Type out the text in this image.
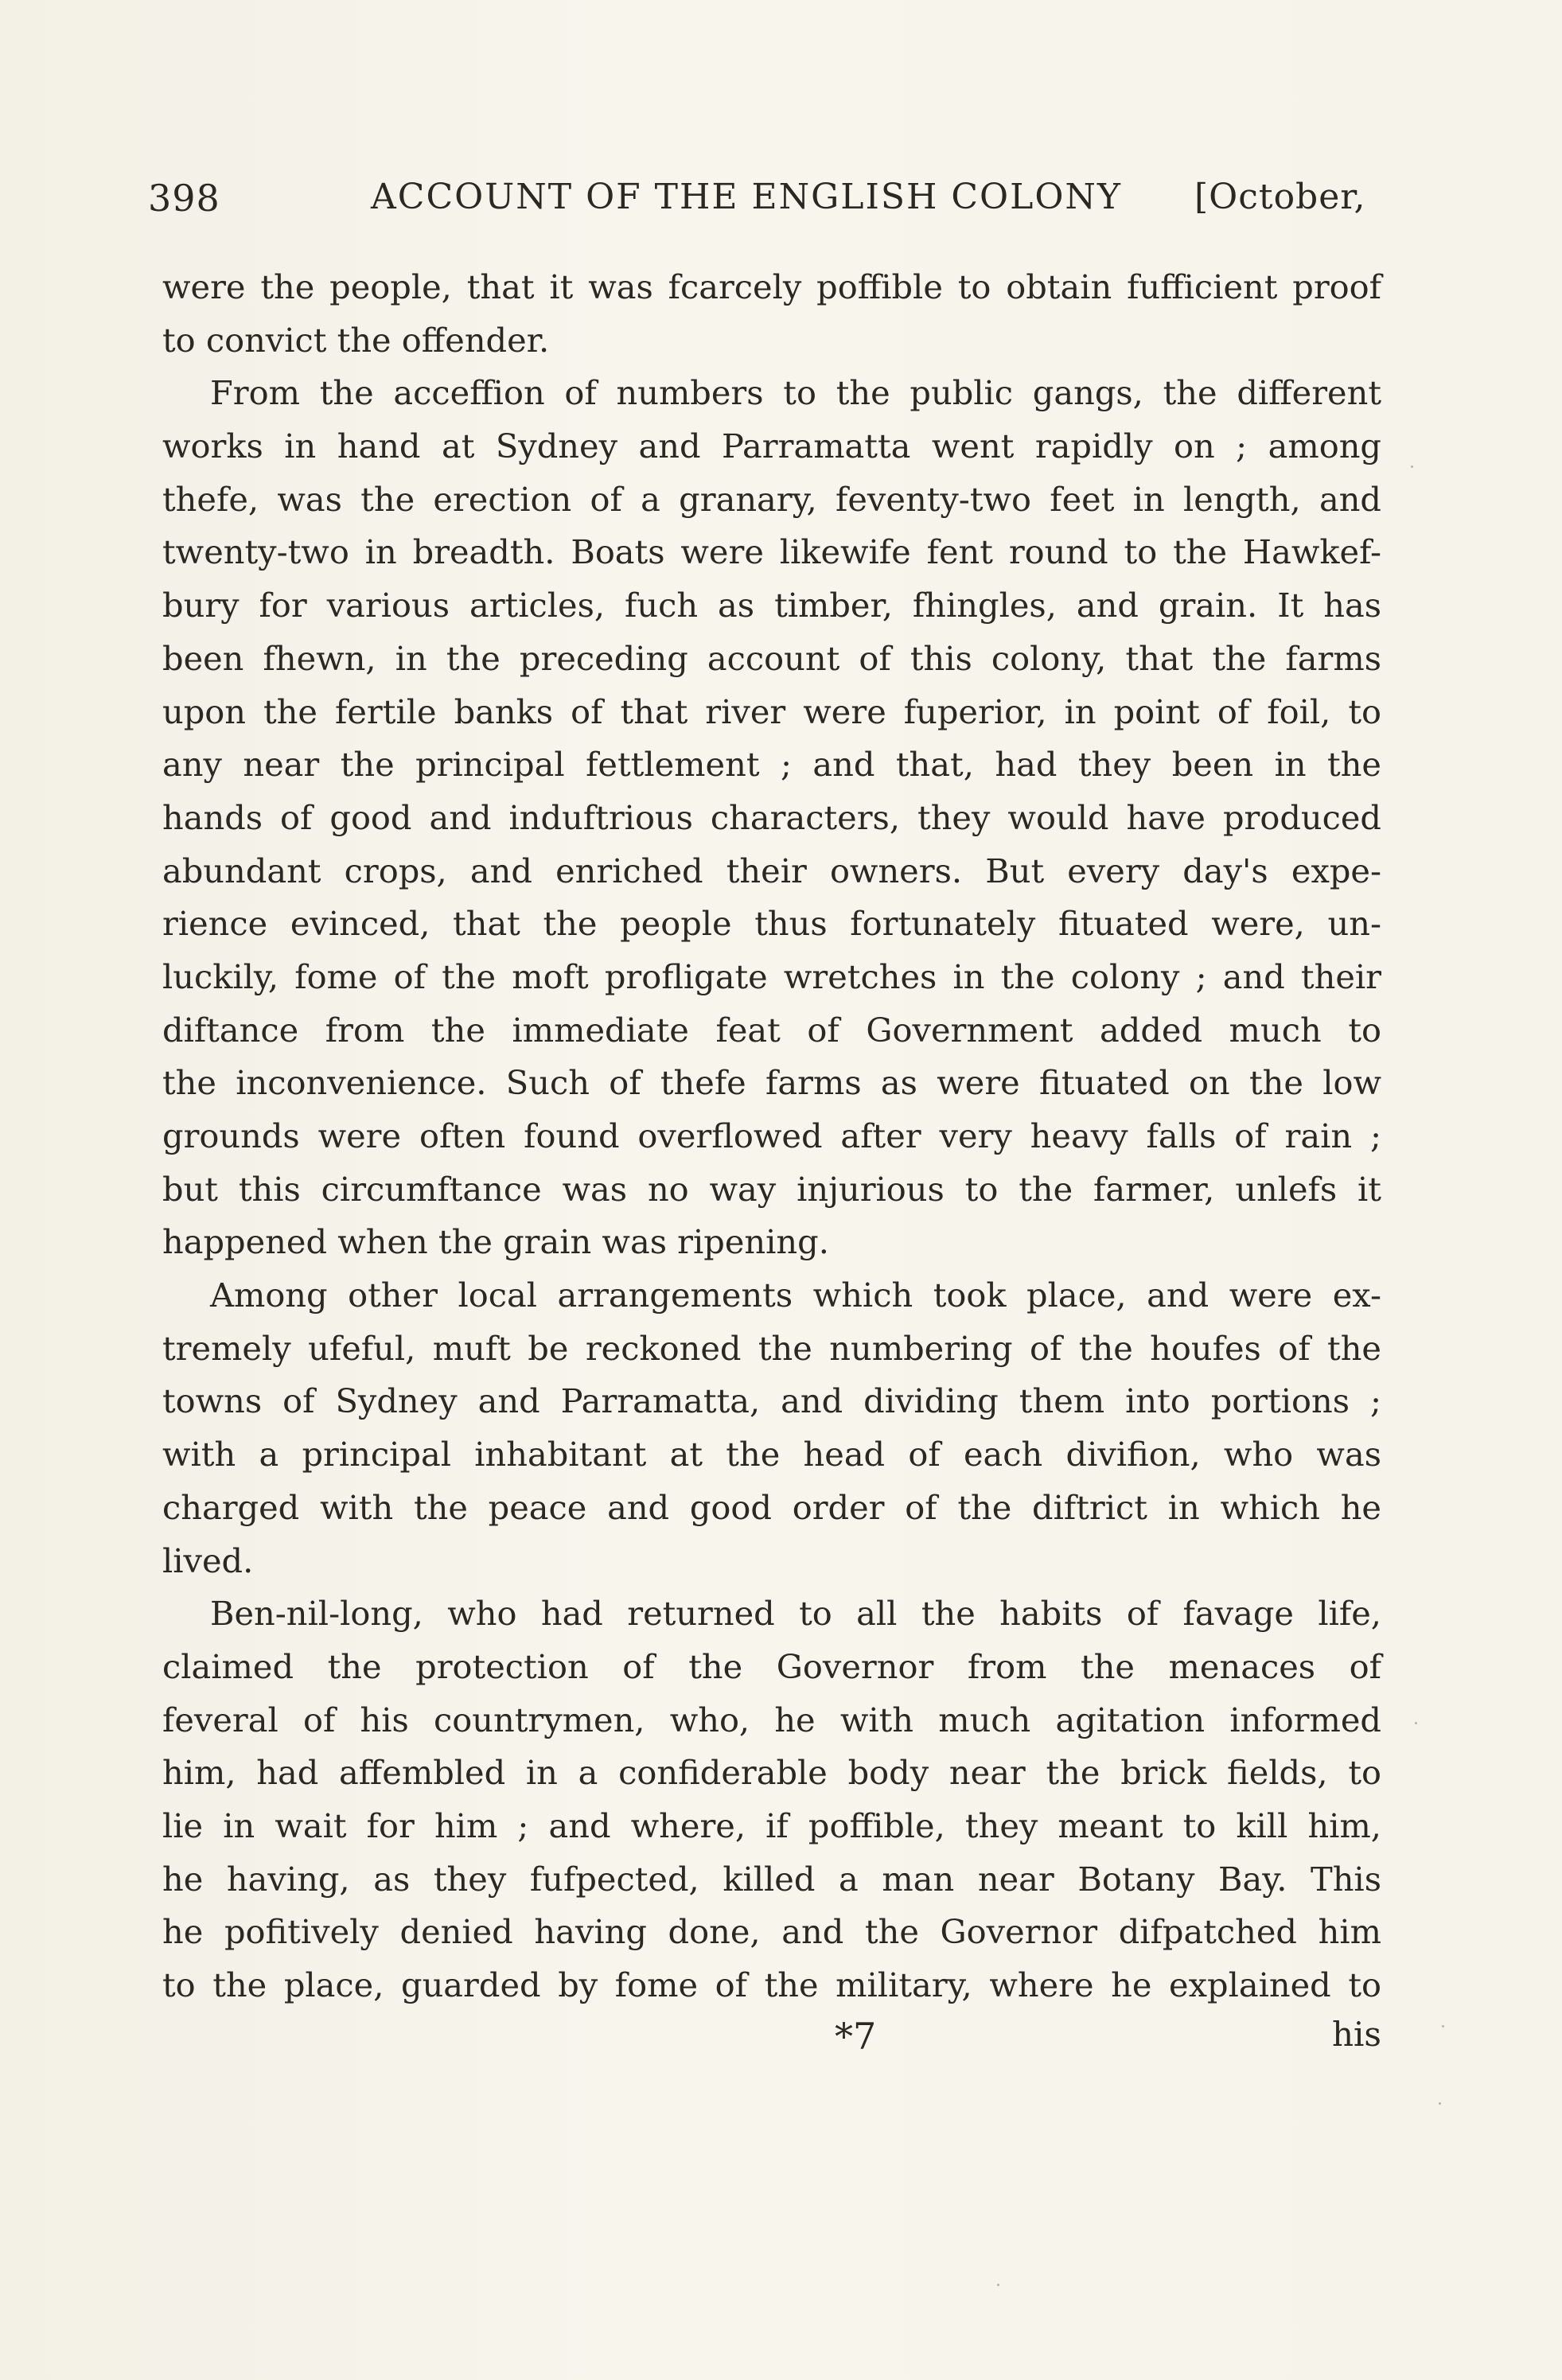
398	ACCOUNT OF THE ENGLISH COLONY [October,
were the people, that it was fcarcely poffible to obtain fufficient proof
to convict the offender.
From the acceffion of numbers to the public gangs, the different
works in hand at Sydney and Parramatta went rapidly on ; among
thefe, was the erection of a granary, feventy-two feet in length, and
twenty-two in breadth. Boats were likewife fent round to the Hawkef-
bury for various articles, fuch as timber, fhingles, and grain. It has
been fhewn, in the preceding account of this colony, that the farms
upon the fertile banks of that river were fuperior, in point of foil, to
any near the principal fettlement ; and that, had they been in the
hands of good and induftrious characters, they would have produced
abundant crops, and enriched their owners. But every day's expe-
rience evinced, that the people thus fortunately fituated were, un-
luckily, fome of the moft profligate wretches in the colony ; and their
diftance from the immediate feat of Government added much to
the inconvenience. Such of thefe farms as were fituated on the low
grounds were often found overflowed after very heavy falls of rain ;
but this circumftance was no way injurious to the farmer, unlefs it
happened when the grain was ripening.
Among other local arrangements which took place, and were ex-
tremely ufeful, muft be reckoned the numbering of the houfes of the
towns of Sydney and Parramatta, and dividing them into portions ;
with a principal inhabitant at the head of each divifion, who was
charged with the peace and good order of the diftrict in which he
lived.
Ben-nil-long, who had returned to all the habits of favage life,
claimed the protection of the Governor from the menaces of
feveral of his countrymen, who, he with much agitation informed
him, had affembled in a confiderable body near the brick fields, to
lie in wait for him ; and where, if poffible, they meant to kill him,
he having, as they fufpected, killed a man near Botany Bay. This
he pofitively denied having done, and the Governor difpatched him
to the place, guarded by fome of the military, where he explained to
*7	his
